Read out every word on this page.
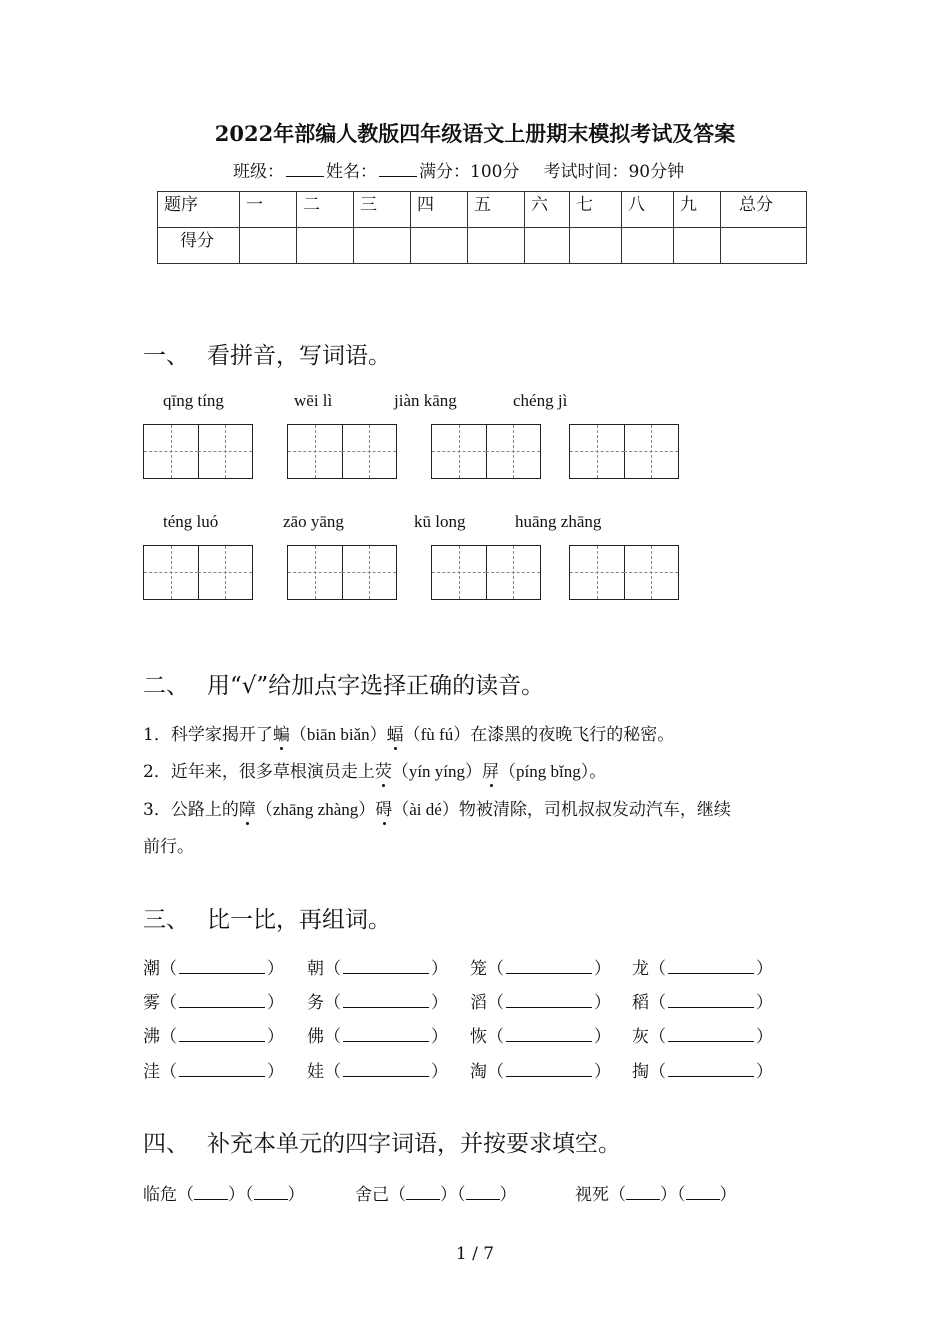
2022年部编人教版四年级语文上册期末模拟考试及答案
班级： 姓名： 满分：100分 考试时间：90分钟
题序	一	二	三	四	五	六	七	八	九	总分
得分										
一、 看拼音，写词语。
qīng tíng	wēi lì	jiàn kāng	chéng jì
téng luó	zāo yāng	kū long	huāng zhāng
二、 用“√”给加点字选择正确的读音。
1．科学家揭开了蝙（biān biǎn）蝠（fù fú）在漆黑的夜晚飞行的秘密。
2．近年来，很多草根演员走上荧（yín yíng）屏（píng bǐng）。
3．公路上的障（zhāng zhàng）碍（ài dé）物被清除，司机叔叔发动汽车，继续
前行。
三、 比一比，再组词。
潮（	） 朝（	） 笼（	） 龙（	）
雾（	） 务（	） 滔（	） 稻（	）
沸（	） 佛（	） 恢（	） 灰（	）
洼（	） 娃（	） 淘（	） 掏（	）
四、 补充本单元的四字词语，并按要求填空。
临危（ ）（ ）	舍己（ ）（ ）	视死（ ）（ ）
1 / 7
